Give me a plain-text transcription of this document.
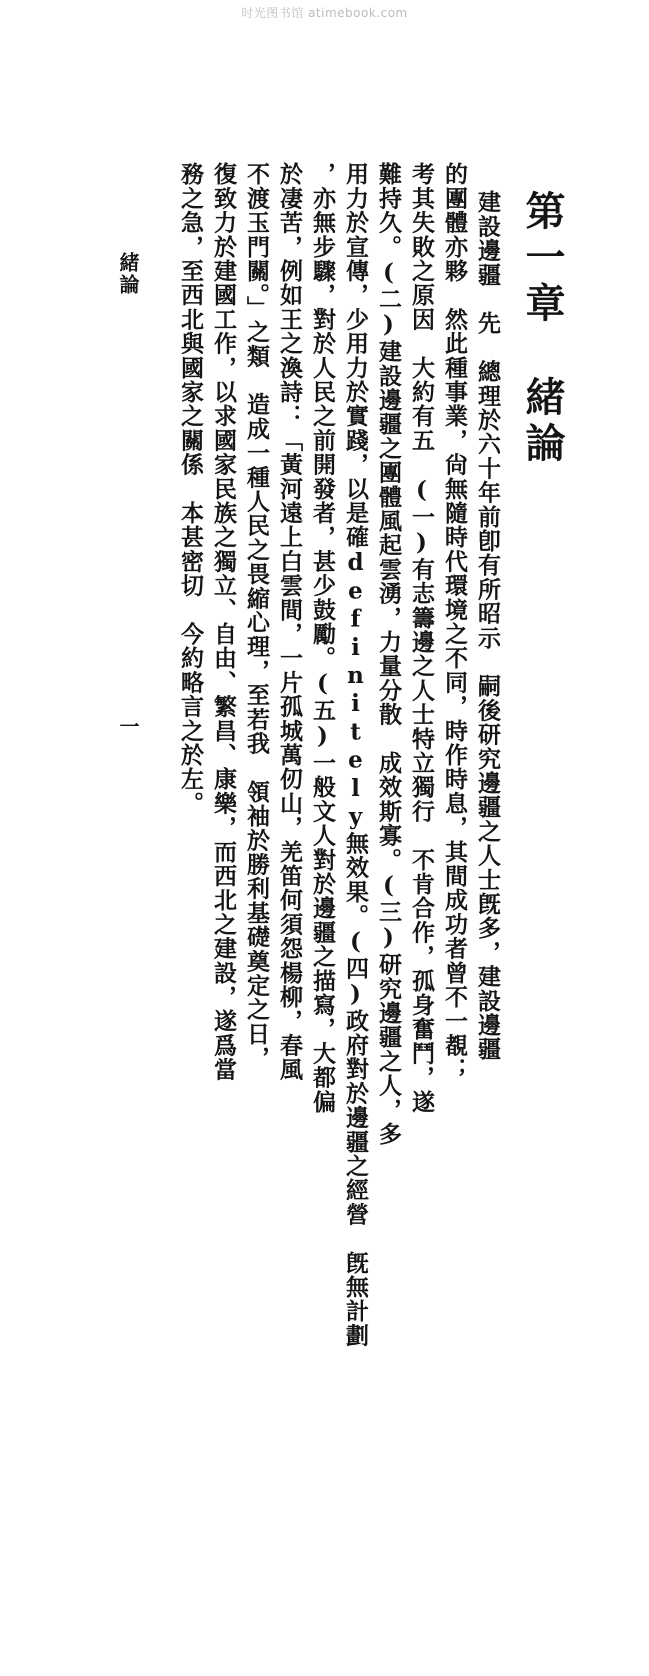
时光图书馆 atimebook.com
第一章緒論
建設邊疆　先　總理於六十年前卽有所昭示　嗣後研究邊疆之人士旣多，建設邊疆
的團體亦夥　然此種事業，尙無隨時代環境之不同，時作時息，其間成功者曾不一覩；
考其失敗之原因　大約有五　(一)有志籌邊之人士特立獨行　不肯合作，孤身奮鬥，遂
難持久。(二)建設邊疆之團體風起雲湧，力量分散　成效斯寡。(三)研究邊疆之人，多
用力於宣傳，少用力於實踐，以是確definitely無效果。(四)政府對於邊疆之經營　旣無計劃
，亦無步驟，對於人民之前開發者，甚少鼓勵。(五)一般文人對於邊疆之描寫，大都偏
於凄苦，例如王之渙詩：「黃河遠上白雲間，一片孤城萬仞山，羌笛何須怨楊柳，春風
不渡玉門關。」之類　造成一種人民之畏縮心理，至若我　領袖於勝利基礎奠定之日，
復致力於建國工作，以求國家民族之獨立、自由、繁昌、康樂，而西北之建設，遂爲當
務之急，至西北與國家之關係　本甚密切　今約略言之於左。
緒論
一
